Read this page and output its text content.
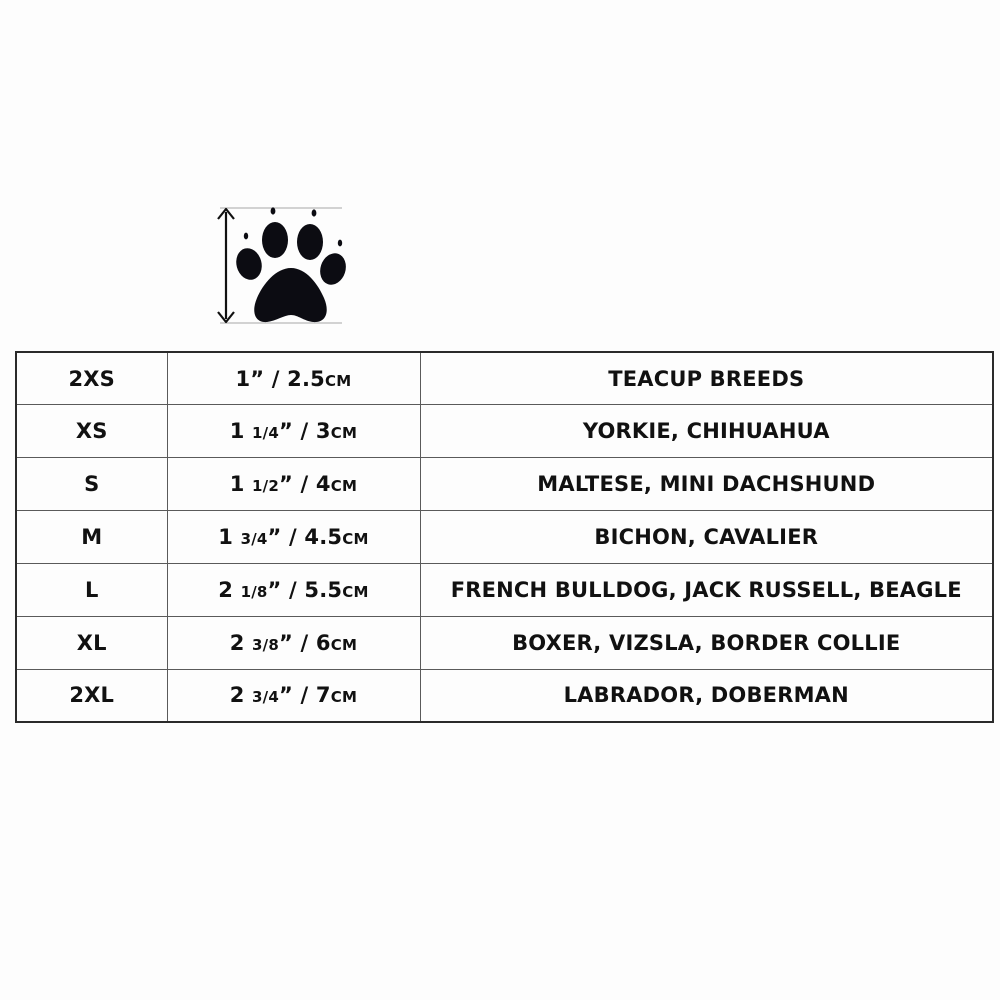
2XS	1” / 2.5CM	TEACUP BREEDS
XS	1 1/4” / 3CM	YORKIE, CHIHUAHUA
S	1 1/2” / 4CM	MALTESE, MINI DACHSHUND
M	1 3/4” / 4.5CM	BICHON, CAVALIER
L	2 1/8” / 5.5CM	FRENCH BULLDOG, JACK RUSSELL, BEAGLE
XL	2 3/8” / 6CM	BOXER, VIZSLA, BORDER COLLIE
2XL	2 3/4” / 7CM	LABRADOR, DOBERMAN
